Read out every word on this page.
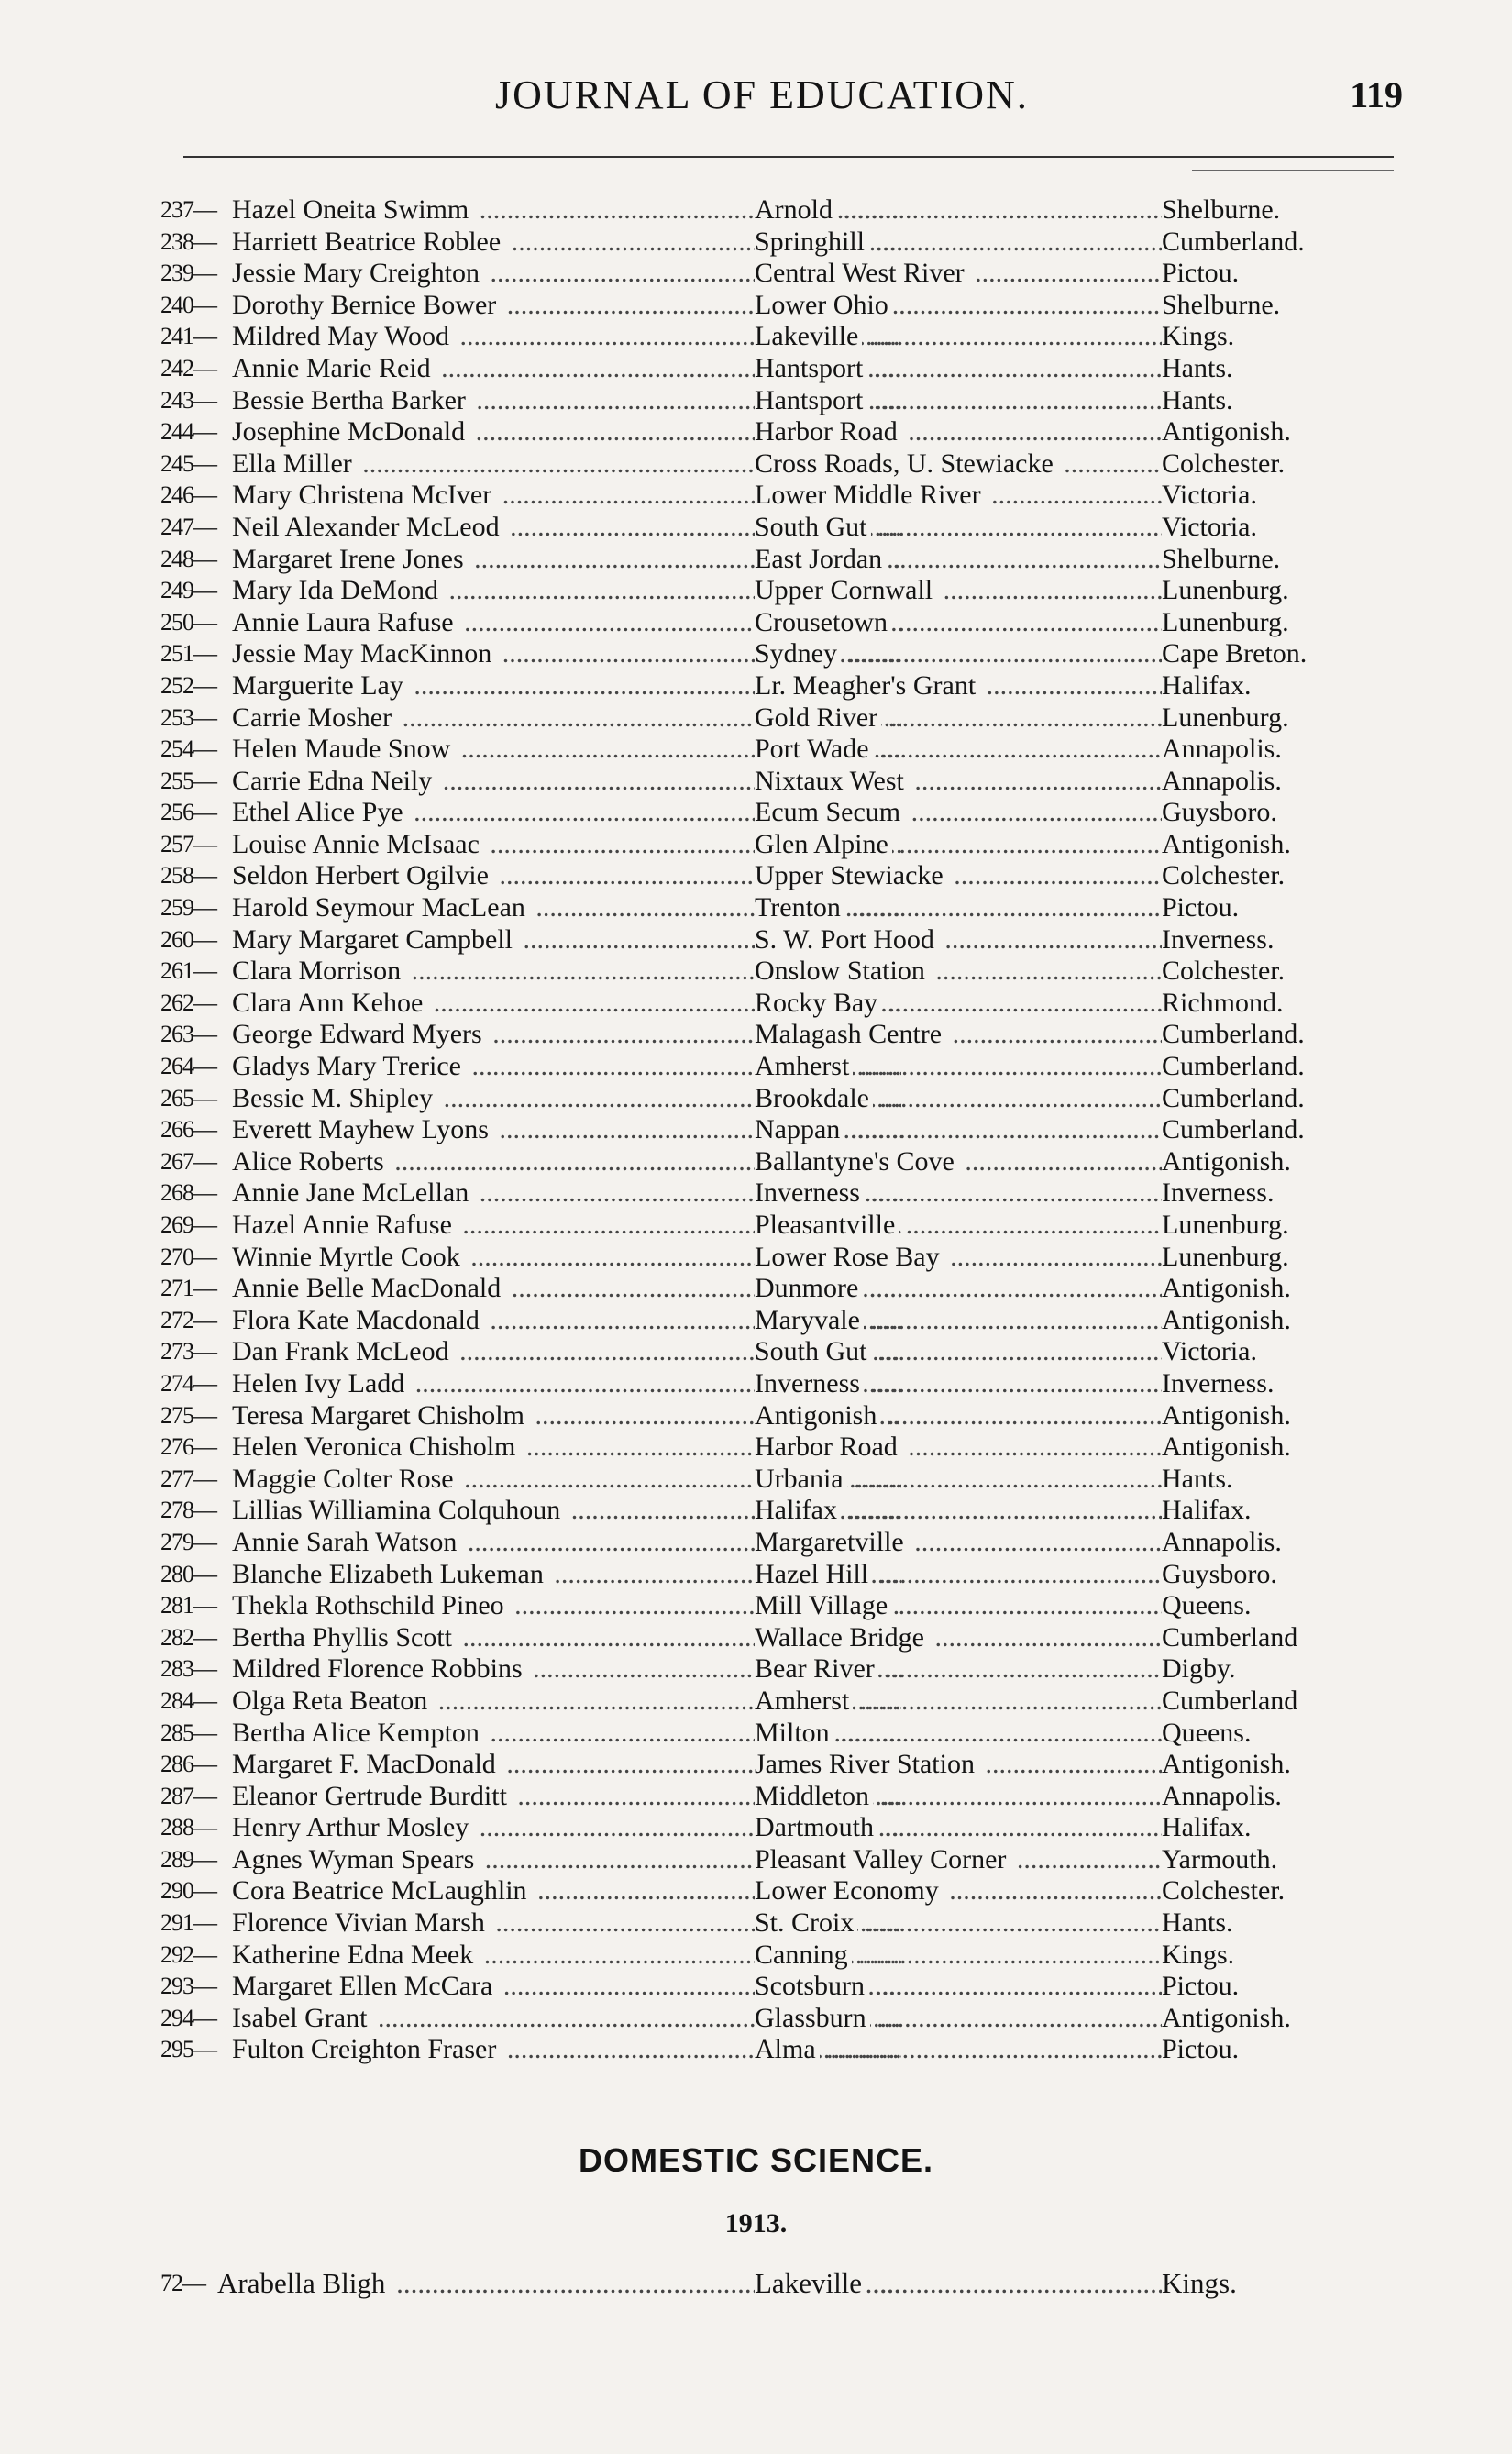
JOURNAL OF EDUCATION.	119
237— Hazel Oneita Swimm .....	Arnold .....	Shelburne.
238— Harriett Beatrice Roblee .....	Springhill .....	Cumberland.
239— Jessie Mary Creighton .....	Central West River .....	Pictou.
240— Dorothy Bernice Bower .....	Lower Ohio .....	Shelburne.
241— Mildred May Wood .....	Lakeville .....	Kings.
242— Annie Marie Reid .....	Hantsport .....	Hants.
243— Bessie Bertha Barker .....	Hantsport .....	Hants.
244— Josephine McDonald .....	Harbor Road .....	Antigonish.
245— Ella Miller .....	Cross Roads, U. Stewiacke .....	Colchester.
246— Mary Christena McIver .....	Lower Middle River .....	Victoria.
247— Neil Alexander McLeod .....	South Gut .....	Victoria.
248— Margaret Irene Jones .....	East Jordan .....	Shelburne.
249— Mary Ida DeMond .....	Upper Cornwall .....	Lunenburg.
250— Annie Laura Rafuse .....	Crousetown .....	Lunenburg.
251— Jessie May MacKinnon .....	Sydney .....	Cape Breton.
252— Marguerite Lay .....	Lr. Meagher's Grant .....	Halifax.
253— Carrie Mosher .....	Gold River .....	Lunenburg.
254— Helen Maude Snow .....	Port Wade .....	Annapolis.
255— Carrie Edna Neily .....	Nixtaux West .....	Annapolis.
256— Ethel Alice Pye .....	Ecum Secum .....	Guysboro.
257— Louise Annie McIsaac .....	Glen Alpine .....	Antigonish.
258— Seldon Herbert Ogilvie .....	Upper Stewiacke .....	Colchester.
259— Harold Seymour MacLean .....	Trenton .....	Pictou.
260— Mary Margaret Campbell .....	S. W. Port Hood .....	Inverness.
261— Clara Morrison .....	Onslow Station .....	Colchester.
262— Clara Ann Kehoe .....	Rocky Bay .....	Richmond.
263— George Edward Myers .....	Malagash Centre .....	Cumberland.
264— Gladys Mary Trerice .....	Amherst .....	Cumberland.
265— Bessie M. Shipley .....	Brookdale .....	Cumberland.
266— Everett Mayhew Lyons .....	Nappan .....	Cumberland.
267— Alice Roberts .....	Ballantyne's Cove .....	Antigonish.
268— Annie Jane McLellan .....	Inverness .....	Inverness.
269— Hazel Annie Rafuse .....	Pleasantville .....	Lunenburg.
270— Winnie Myrtle Cook .....	Lower Rose Bay .....	Lunenburg.
271— Annie Belle MacDonald .....	Dunmore .....	Antigonish.
272— Flora Kate Macdonald .....	Maryvale .....	Antigonish.
273— Dan Frank McLeod .....	South Gut .....	Victoria.
274— Helen Ivy Ladd .....	Inverness .....	Inverness.
275— Teresa Margaret Chisholm .....	Antigonish .....	Antigonish.
276— Helen Veronica Chisholm .....	Harbor Road .....	Antigonish.
277— Maggie Colter Rose .....	Urbania .....	Hants.
278— Lillias Williamina Colquhoun .....	Halifax .....	Halifax.
279— Annie Sarah Watson .....	Margaretville .....	Annapolis.
280— Blanche Elizabeth Lukeman .....	Hazel Hill .....	Guysboro.
281— Thekla Rothschild Pineo .....	Mill Village .....	Queens.
282— Bertha Phyllis Scott .....	Wallace Bridge .....	Cumberland
283— Mildred Florence Robbins .....	Bear River .....	Digby.
284— Olga Reta Beaton .....	Amherst .....	Cumberland
285— Bertha Alice Kempton .....	Milton .....	Queens.
286— Margaret F. MacDonald .....	James River Station .....	Antigonish.
287— Eleanor Gertrude Burditt .....	Middleton .....	Annapolis.
288— Henry Arthur Mosley .....	Dartmouth .....	Halifax.
289— Agnes Wyman Spears .....	Pleasant Valley Corner .....	Yarmouth.
290— Cora Beatrice McLaughlin .....	Lower Economy .....	Colchester.
291— Florence Vivian Marsh .....	St. Croix .....	Hants.
292— Katherine Edna Meek .....	Canning .....	Kings.
293— Margaret Ellen McCara .....	Scotsburn .....	Pictou.
294— Isabel Grant .....	Glassburn .....	Antigonish.
295— Fulton Creighton Fraser .....	Alma .....	Pictou.
DOMESTIC SCIENCE.
1913.
72— Arabella Bligh .....	Lakeville .....	Kings.
